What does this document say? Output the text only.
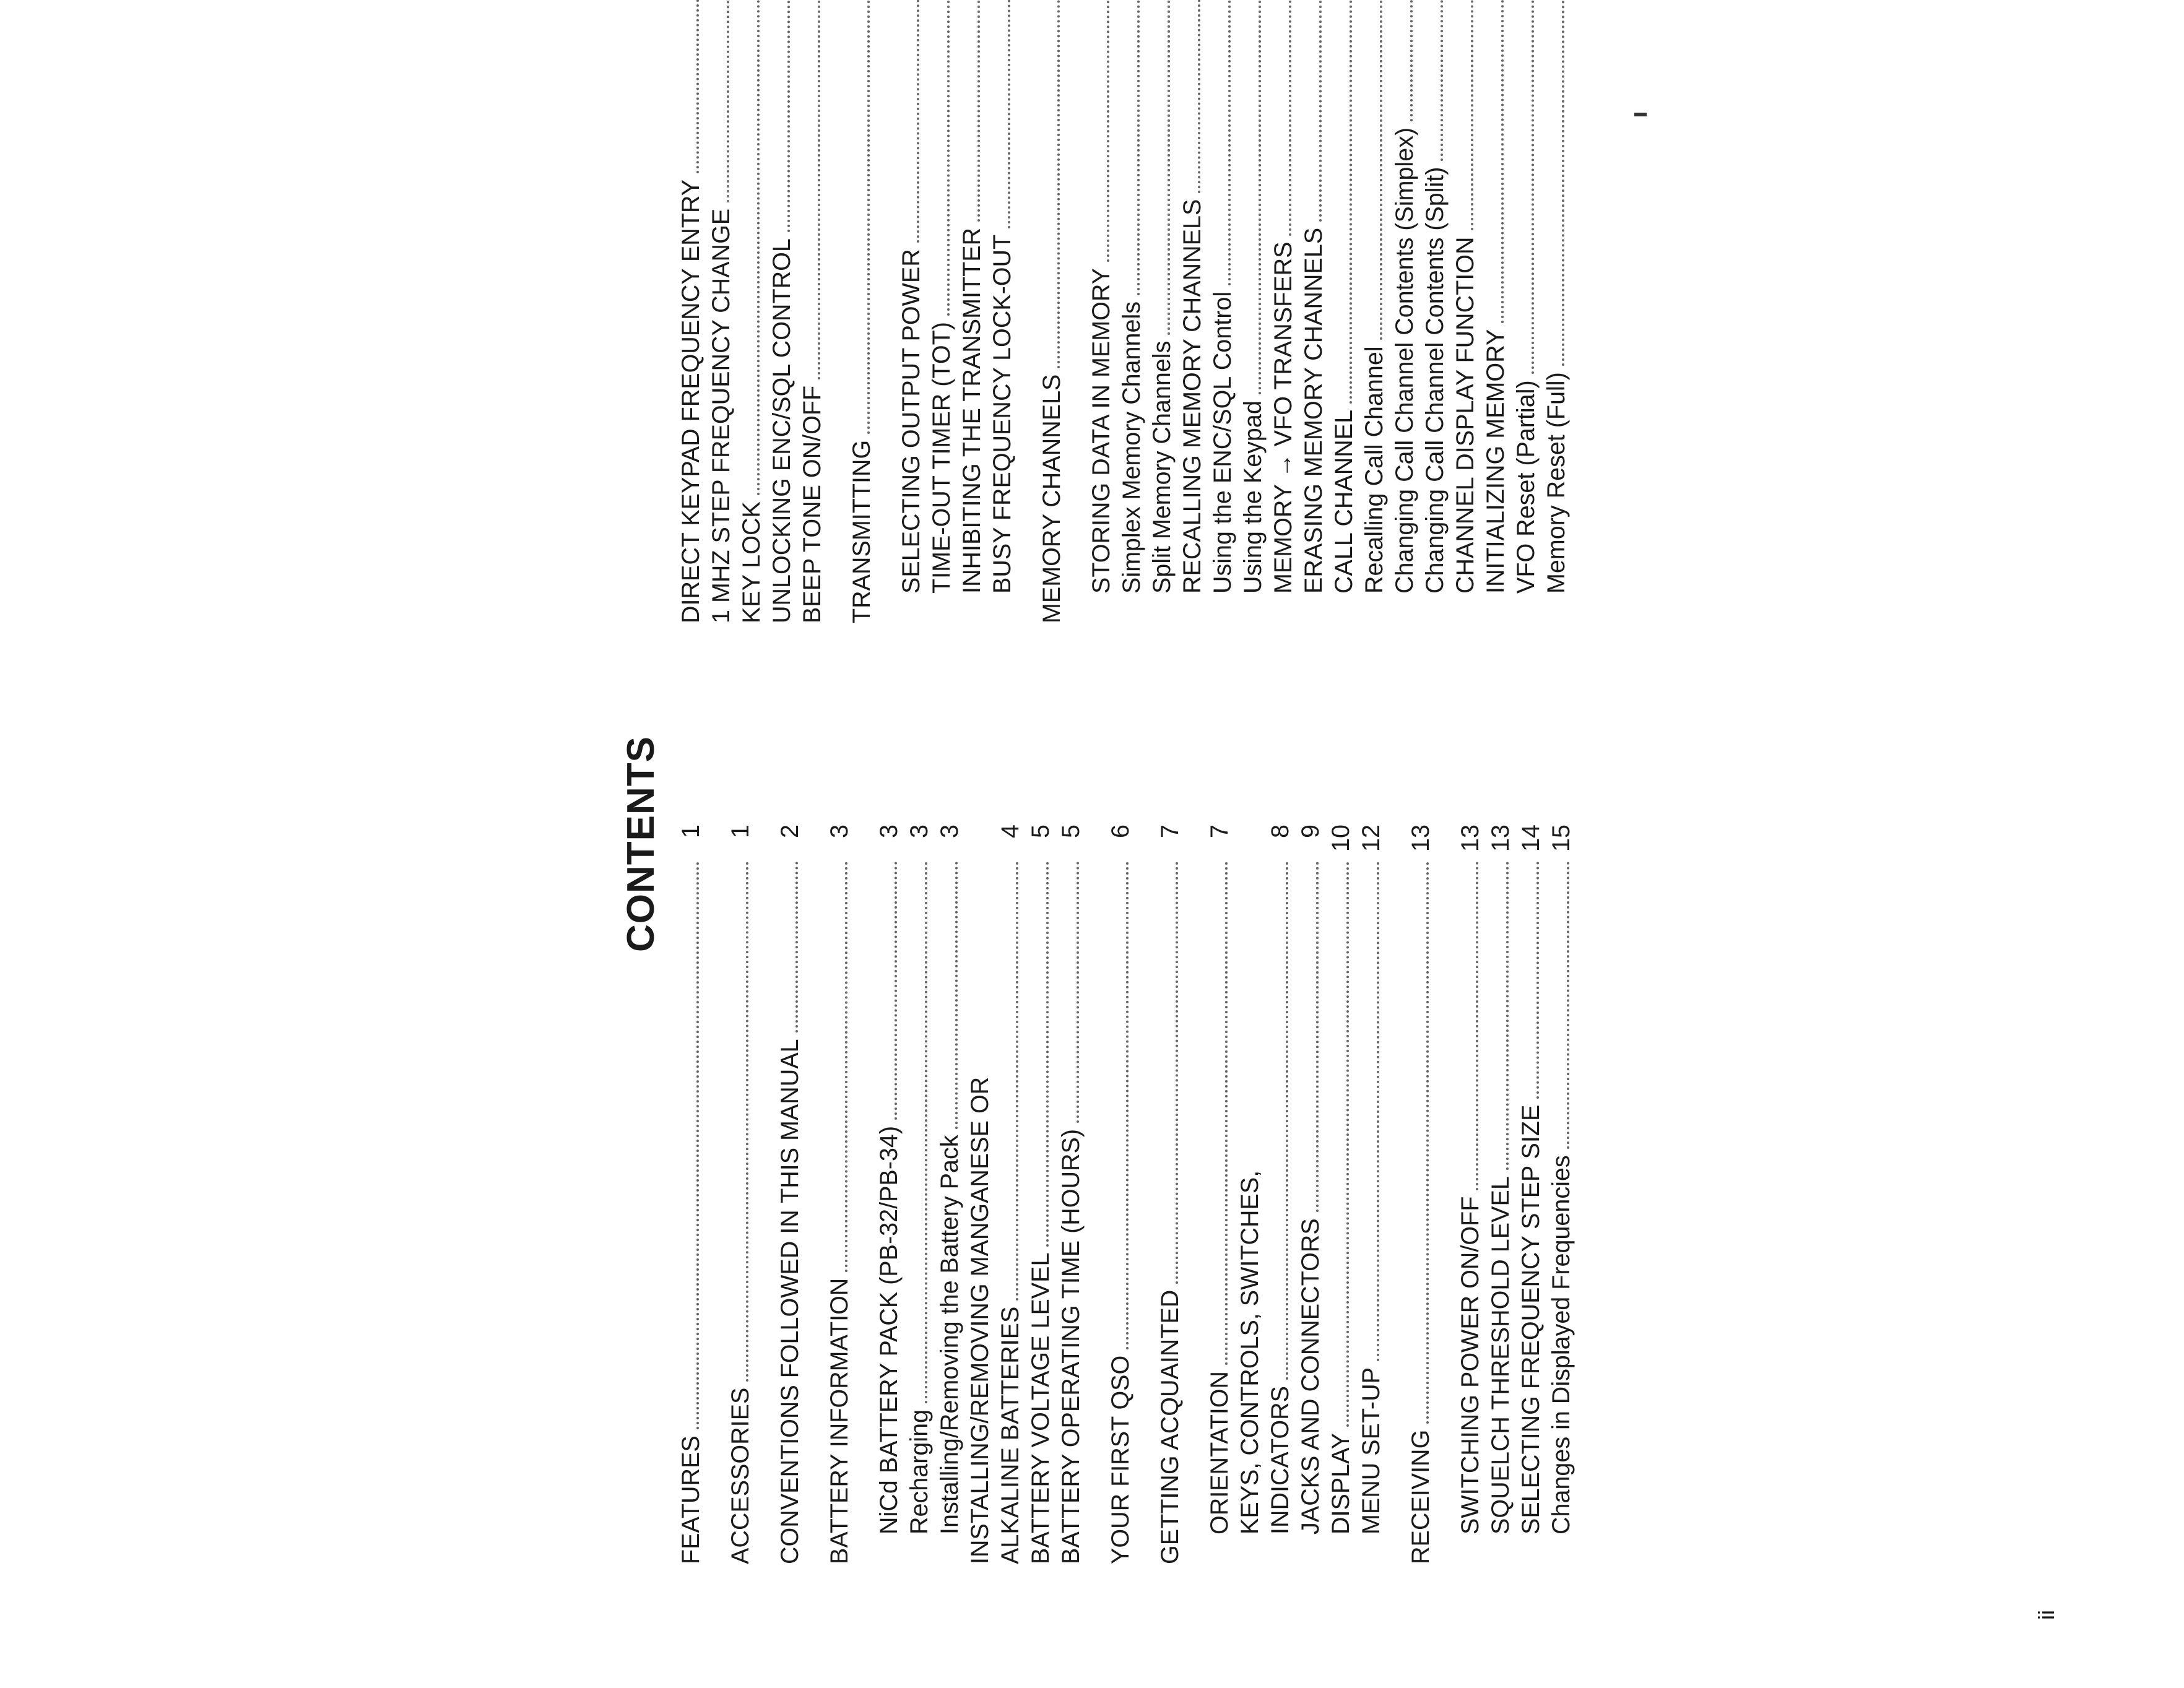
CONTENTS
FEATURES
1
ACCESSORIES
1
CONVENTIONS FOLLOWED IN THIS MANUAL
2
BATTERY INFORMATION
3
NiCd BATTERY PACK (PB-32/PB-34)
3
Recharging
3
Installing/Removing the Battery Pack
3
INSTALLING/REMOVING MANGANESE OR ALKALINE BATTERIES
4
BATTERY VOLTAGE LEVEL
5
BATTERY OPERATING TIME (HOURS)
5
YOUR FIRST QSO
6
GETTING ACQUAINTED
7
ORIENTATION
7
KEYS, CONTROLS, SWITCHES, INDICATORS
8
JACKS AND CONNECTORS
9
DISPLAY
10
MENU SET-UP
12
RECEIVING
13
SWITCHING POWER ON/OFF
13
SQUELCH THRESHOLD LEVEL
13
SELECTING FREQUENCY STEP SIZE
14
Changes in Displayed Frequencies
15
DIRECT KEYPAD FREQUENCY ENTRY 1 MHZ STEP FREQUENCY CHANGE KEY LOCK UNLOCKING ENC/SQL CONTROL BEEP TONE ON/OFF TRANSMITTING SELECTING OUTPUT POWER TIME-OUT TIMER (TOT) INHIBITING THE TRANSMITTER BUSY FREQUENCY LOCK-OUT MEMORY CHANNELS STORING DATA IN MEMORY Simplex Memory Channels Split Memory Channels RECALLING MEMORY CHANNELS Using the ENC/SQL Control Using the Keypad MEMORY → VFO TRANSFERS ERASING MEMORY CHANNELS CALL CHANNEL Recalling Call Channel Changing Call Channel Contents (Simplex) Changing Call Channel Contents (Split) CHANNEL DISPLAY FUNCTION INITIALIZING MEMORY VFO Reset (Partial) Memory Reset (Full)
ii
